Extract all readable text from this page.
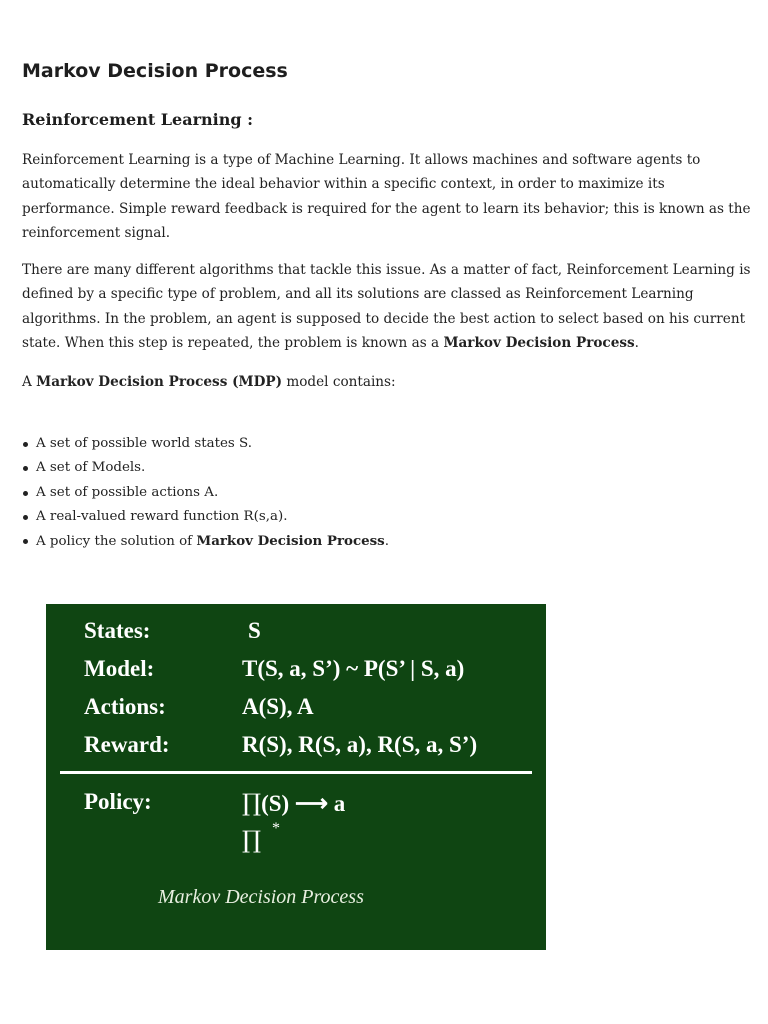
Markov Decision Process
Reinforcement Learning :

Reinforcement Learning is a type of Machine Learning. It allows machines and software agents to automatically determine the ideal behavior within a specific context, in order to maximize its performance. Simple reward feedback is required for the agent to learn its behavior; this is known as the reinforcement signal.

There are many different algorithms that tackle this issue. As a matter of fact, Reinforcement Learning is defined by a specific type of problem, and all its solutions are classed as Reinforcement Learning algorithms. In the problem, an agent is supposed to decide the best action to select based on his current state. When this step is repeated, the problem is known as a Markov Decision Process.

A Markov Decision Process (MDP) model contains:

A set of possible world states S.
A set of Models.
A set of possible actions A.
A real-valued reward function R(s,a).
A policy the solution of Markov Decision Process.
States:	S
Model:	T(S, a, S’) ~ P(S’ | S, a)
Actions:	A(S), A
Reward:	R(S), R(S, a), R(S, a, S’)
Policy:	∏(S) ⟶ a
∏ *
Markov Decision Process
